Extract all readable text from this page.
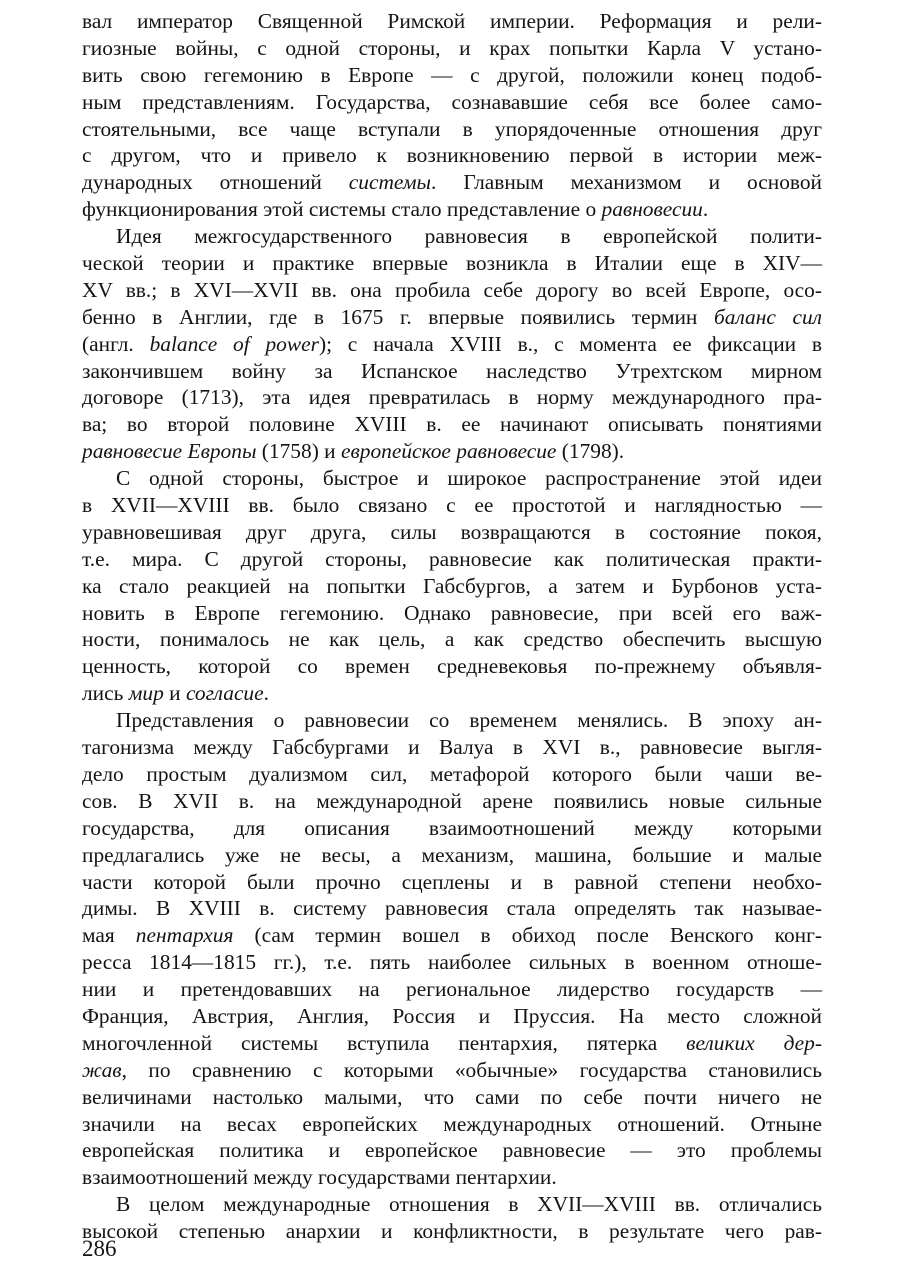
вал император Священной Римской империи. Реформация и рели-
гиозные войны, с одной стороны, и крах попытки Карла V устано-
вить свою гегемонию в Европе — с другой, положили конец подоб-
ным представлениям. Государства, сознававшие себя все более само-
стоятельными, все чаще вступали в упорядоченные отношения друг
с другом, что и привело к возникновению первой в истории меж-
дународных отношений системы. Главным механизмом и основой
функционирования этой системы стало представление о равновесии.
Идея межгосударственного равновесия в европейской полити-
ческой теории и практике впервые возникла в Италии еще в XIV—
XV вв.; в XVI—XVII вв. она пробила себе дорогу во всей Европе, осо-
бенно в Англии, где в 1675 г. впервые появились термин баланс сил
(англ. balance of power); с начала XVIII в., с момента ее фиксации в
закончившем войну за Испанское наследство Утрехтском мирном
договоре (1713), эта идея превратилась в норму международного пра-
ва; во второй половине XVIII в. ее начинают описывать понятиями
равновесие Европы (1758) и европейское равновесие (1798).
С одной стороны, быстрое и широкое распространение этой идеи
в XVII—XVIII вв. было связано с ее простотой и наглядностью —
уравновешивая друг друга, силы возвращаются в состояние покоя,
т.е. мира. С другой стороны, равновесие как политическая практи-
ка стало реакцией на попытки Габсбургов, а затем и Бурбонов уста-
новить в Европе гегемонию. Однако равновесие, при всей его важ-
ности, понималось не как цель, а как средство обеспечить высшую
ценность, которой со времен средневековья по-прежнему объявля-
лись мир и согласие.
Представления о равновесии со временем менялись. В эпоху ан-
тагонизма между Габсбургами и Валуа в XVI в., равновесие выгля-
дело простым дуализмом сил, метафорой которого были чаши ве-
сов. В XVII в. на международной арене появились новые сильные
государства, для описания взаимоотношений между которыми
предлагались уже не весы, а механизм, машина, большие и малые
части которой были прочно сцеплены и в равной степени необхо-
димы. В XVIII в. систему равновесия стала определять так называе-
мая пентархия (сам термин вошел в обиход после Венского конг-
ресса 1814—1815 гг.), т.е. пять наиболее сильных в военном отноше-
нии и претендовавших на региональное лидерство государств —
Франция, Австрия, Англия, Россия и Пруссия. На место сложной
многочленной системы вступила пентархия, пятерка великих дер-
жав, по сравнению с которыми «обычные» государства становились
величинами настолько малыми, что сами по себе почти ничего не
значили на весах европейских международных отношений. Отныне
европейская политика и европейское равновесие — это проблемы
взаимоотношений между государствами пентархии.
В целом международные отношения в XVII—XVIII вв. отличались
высокой степенью анархии и конфликтности, в результате чего рав-
286
